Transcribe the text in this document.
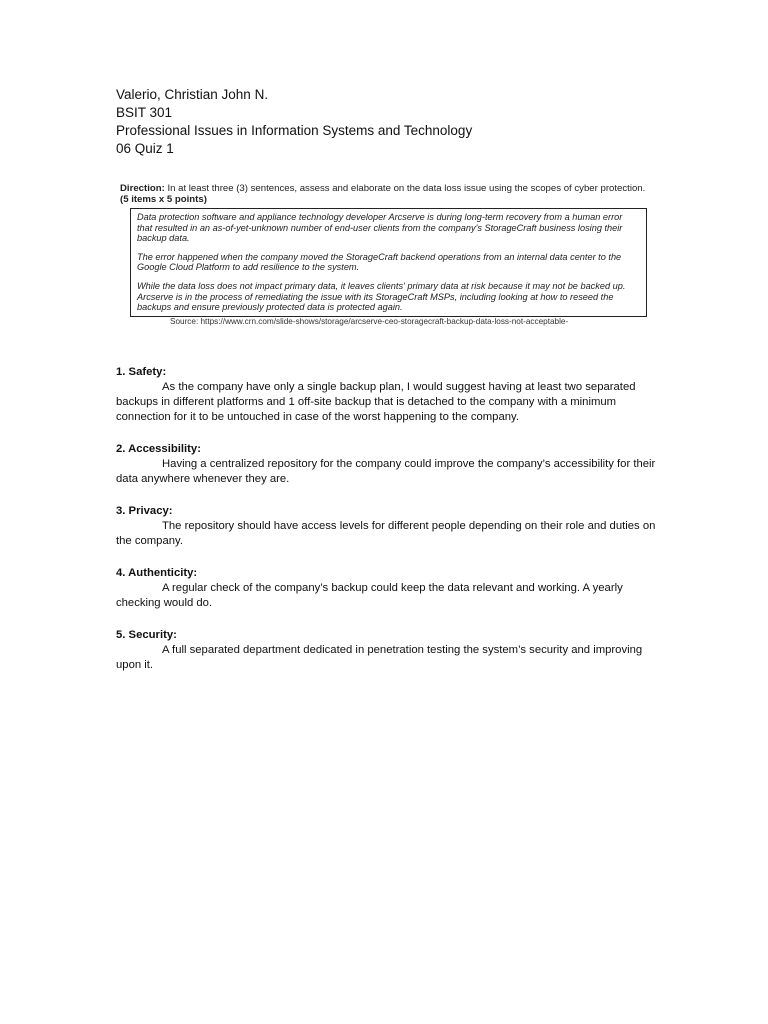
Valerio, Christian John N.
BSIT 301
Professional Issues in Information Systems and Technology
06 Quiz 1
Direction: In at least three (3) sentences, assess and elaborate on the data loss issue using the scopes of cyber protection. (5 items x 5 points)

Data protection software and appliance technology developer Arcserve is during long-term recovery from a human error that resulted in an as-of-yet-unknown number of end-user clients from the company's StorageCraft business losing their backup data.

The error happened when the company moved the StorageCraft backend operations from an internal data center to the Google Cloud Platform to add resilience to the system.

While the data loss does not impact primary data, it leaves clients' primary data at risk because it may not be backed up. Arcserve is in the process of remediating the issue with its StorageCraft MSPs, including looking at how to reseed the backups and ensure previously protected data is protected again.

Source: https://www.crn.com/slide-shows/storage/arcserve-ceo-storagecraft-backup-data-loss-not-acceptable-
1. Safety:
As the company have only a single backup plan, I would suggest having at least two separated backups in different platforms and 1 off-site backup that is detached to the company with a minimum connection for it to be untouched in case of the worst happening to the company.
2. Accessibility:
Having a centralized repository for the company could improve the company’s accessibility for their data anywhere whenever they are.
3. Privacy:
The repository should have access levels for different people depending on their role and duties on the company.
4. Authenticity:
A regular check of the company’s backup could keep the data relevant and working. A yearly checking would do.
5. Security:
A full separated department dedicated in penetration testing the system’s security and improving upon it.
